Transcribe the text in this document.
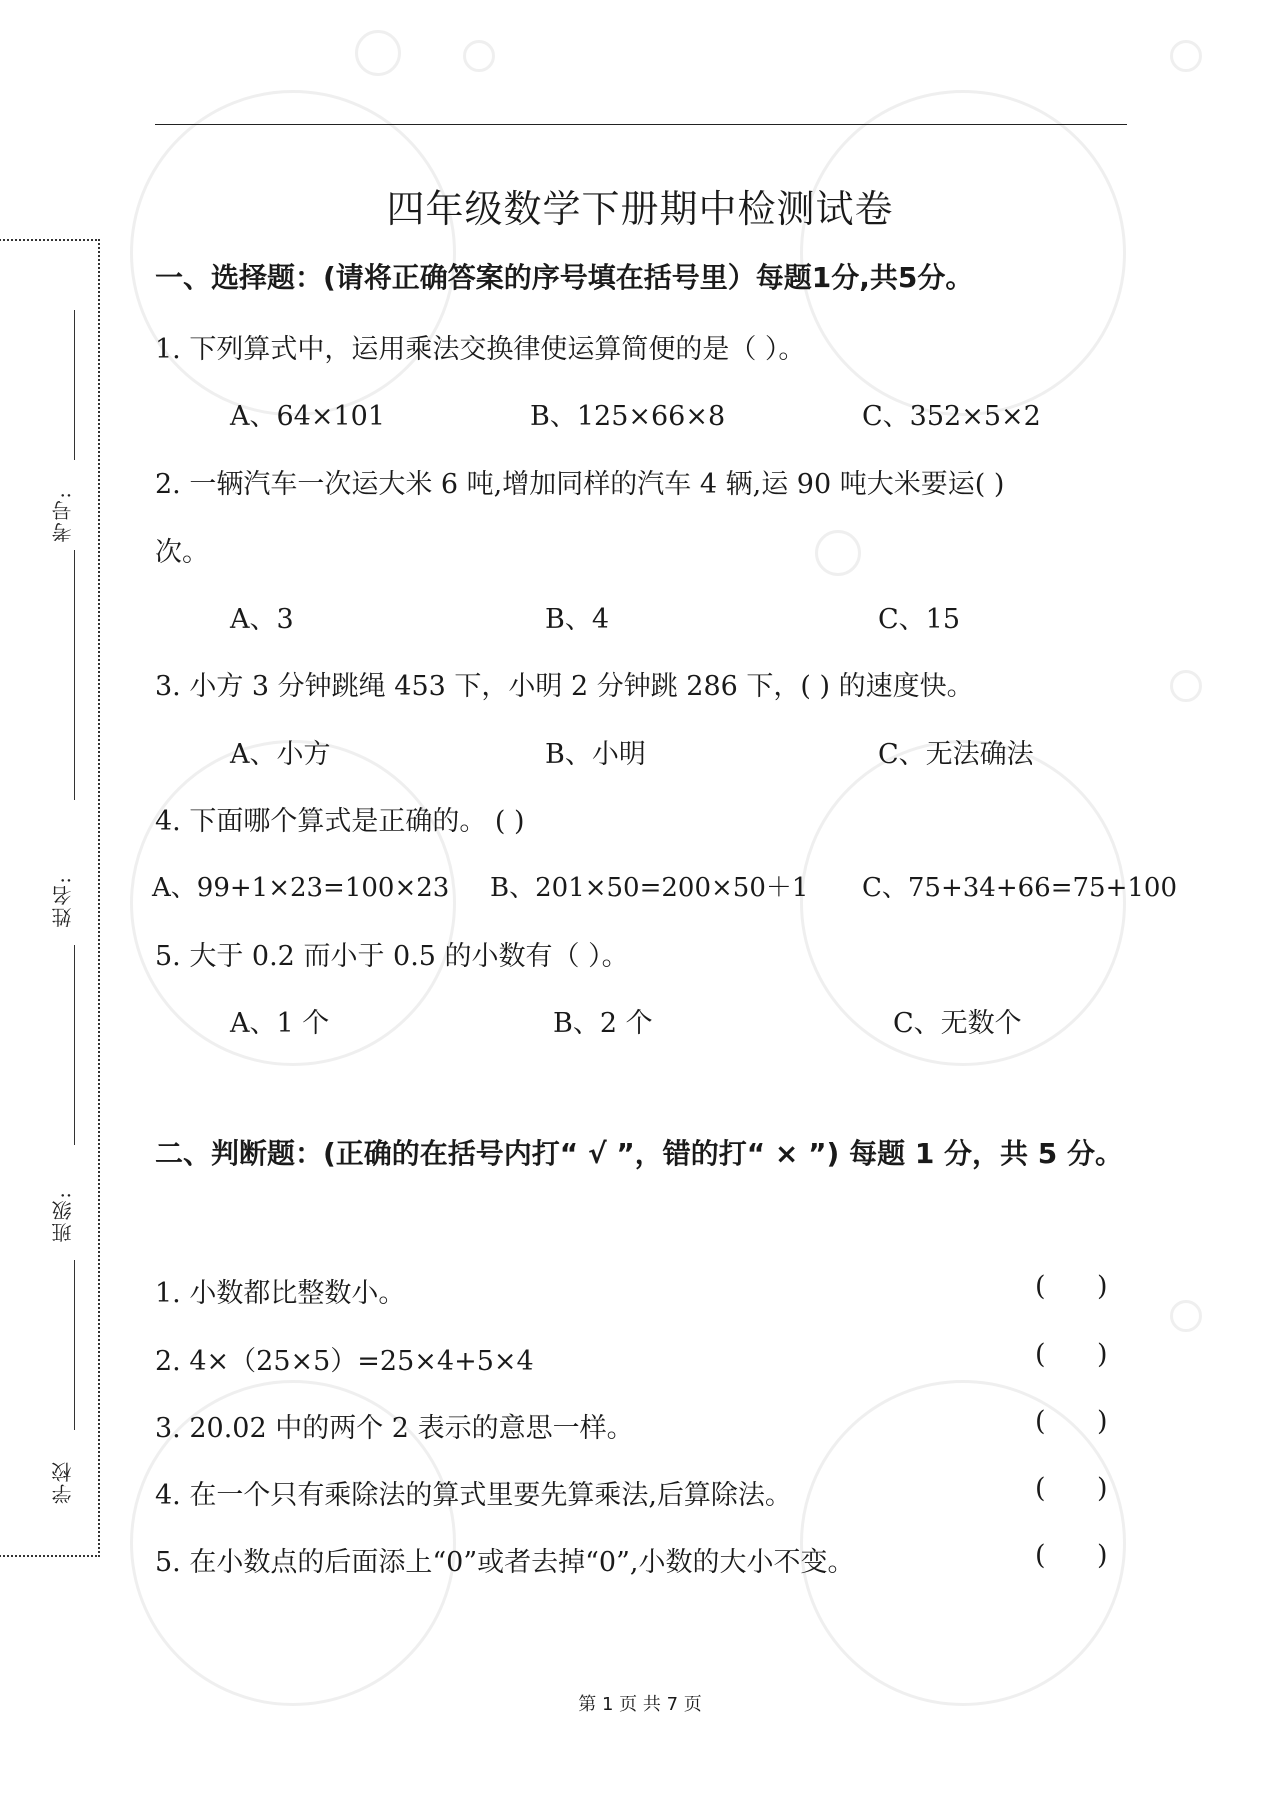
考号:
姓名:
班级:
学校
四年级数学下册期中检测试卷
一、选择题：(请将正确答案的序号填在括号里）每题1分,共5分。
1. 下列算式中，运用乘法交换律使运算简便的是（ ）。
A、64×101	B、125×66×8	C、352×5×2
2. 一辆汽车一次运大米 6 吨,增加同样的汽车 4 辆,运 90 吨大米要运( )
次。
A、3	B、4	C、15
3. 小方 3 分钟跳绳 453 下，小明 2 分钟跳 286 下，( ) 的速度快。
A、小方	B、小明	C、无法确法
4. 下面哪个算式是正确的。 ( )
A、99+1×23=100×23 B、201×50=200×50＋1 C、75+34+66=75+100
5. 大于 0.2 而小于 0.5 的小数有（ ）。
A、1 个	B、2 个	C、无数个
二、判断题：(正确的在括号内打“ √ ”，错的打“ × ”) 每题 1 分，共 5 分。
1. 小数都比整数小。	(      )
2. 4×（25×5）=25×4+5×4	(      )
3. 20.02 中的两个 2 表示的意思一样。	(      )
4. 在一个只有乘除法的算式里要先算乘法,后算除法。	(      )
5. 在小数点的后面添上“0”或者去掉“0”,小数的大小不变。	(      )
第 1 页 共 7 页
